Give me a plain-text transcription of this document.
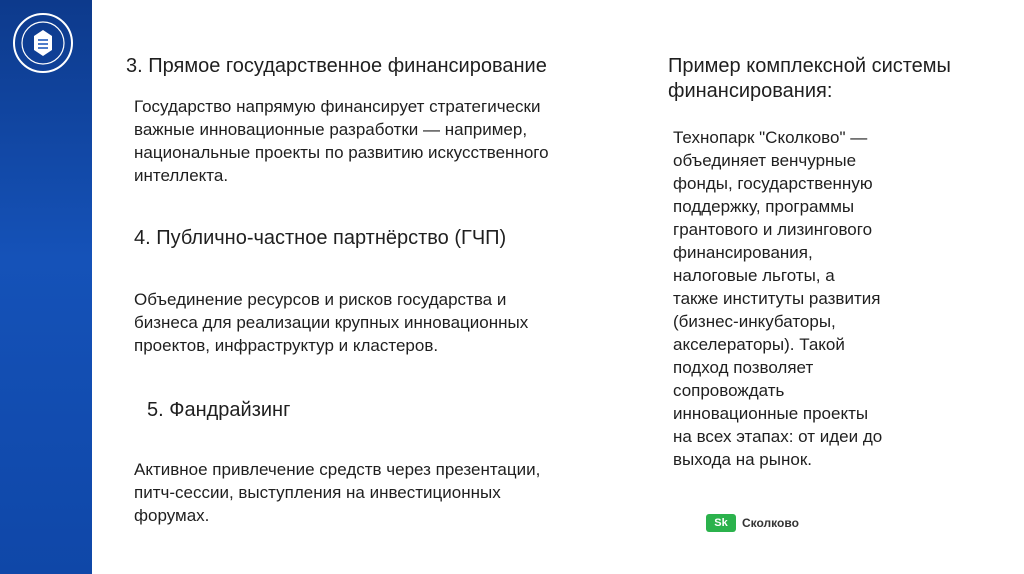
3. Прямое государственное финансирование

Государство напрямую финансирует стратегически

важные инновационные разработки — например,

национальные проекты по развитию искусственного

интеллекта.

4. Публично-частное партнёрство (ГЧП)

Объединение ресурсов и рисков государства и

бизнеса для реализации крупных инновационных

проектов, инфраструктур и кластеров.

5. Фандрайзинг

Активное привлечение средств через презентации,

питч-сессии, выступления на инвестиционных

форумах.

Пример комплексной системы

финансирования:

Технопарк "Сколково" —

объединяет венчурные

фонды, государственную

поддержку, программы

грантового и лизингового

финансирования,

налоговые льготы, а

также институты развития

(бизнес-инкубаторы,

акселераторы). Такой

подход позволяет

сопровождать

инновационные проекты

на всех этапах: от идеи до

выхода на рынок.

Sk	Сколково
